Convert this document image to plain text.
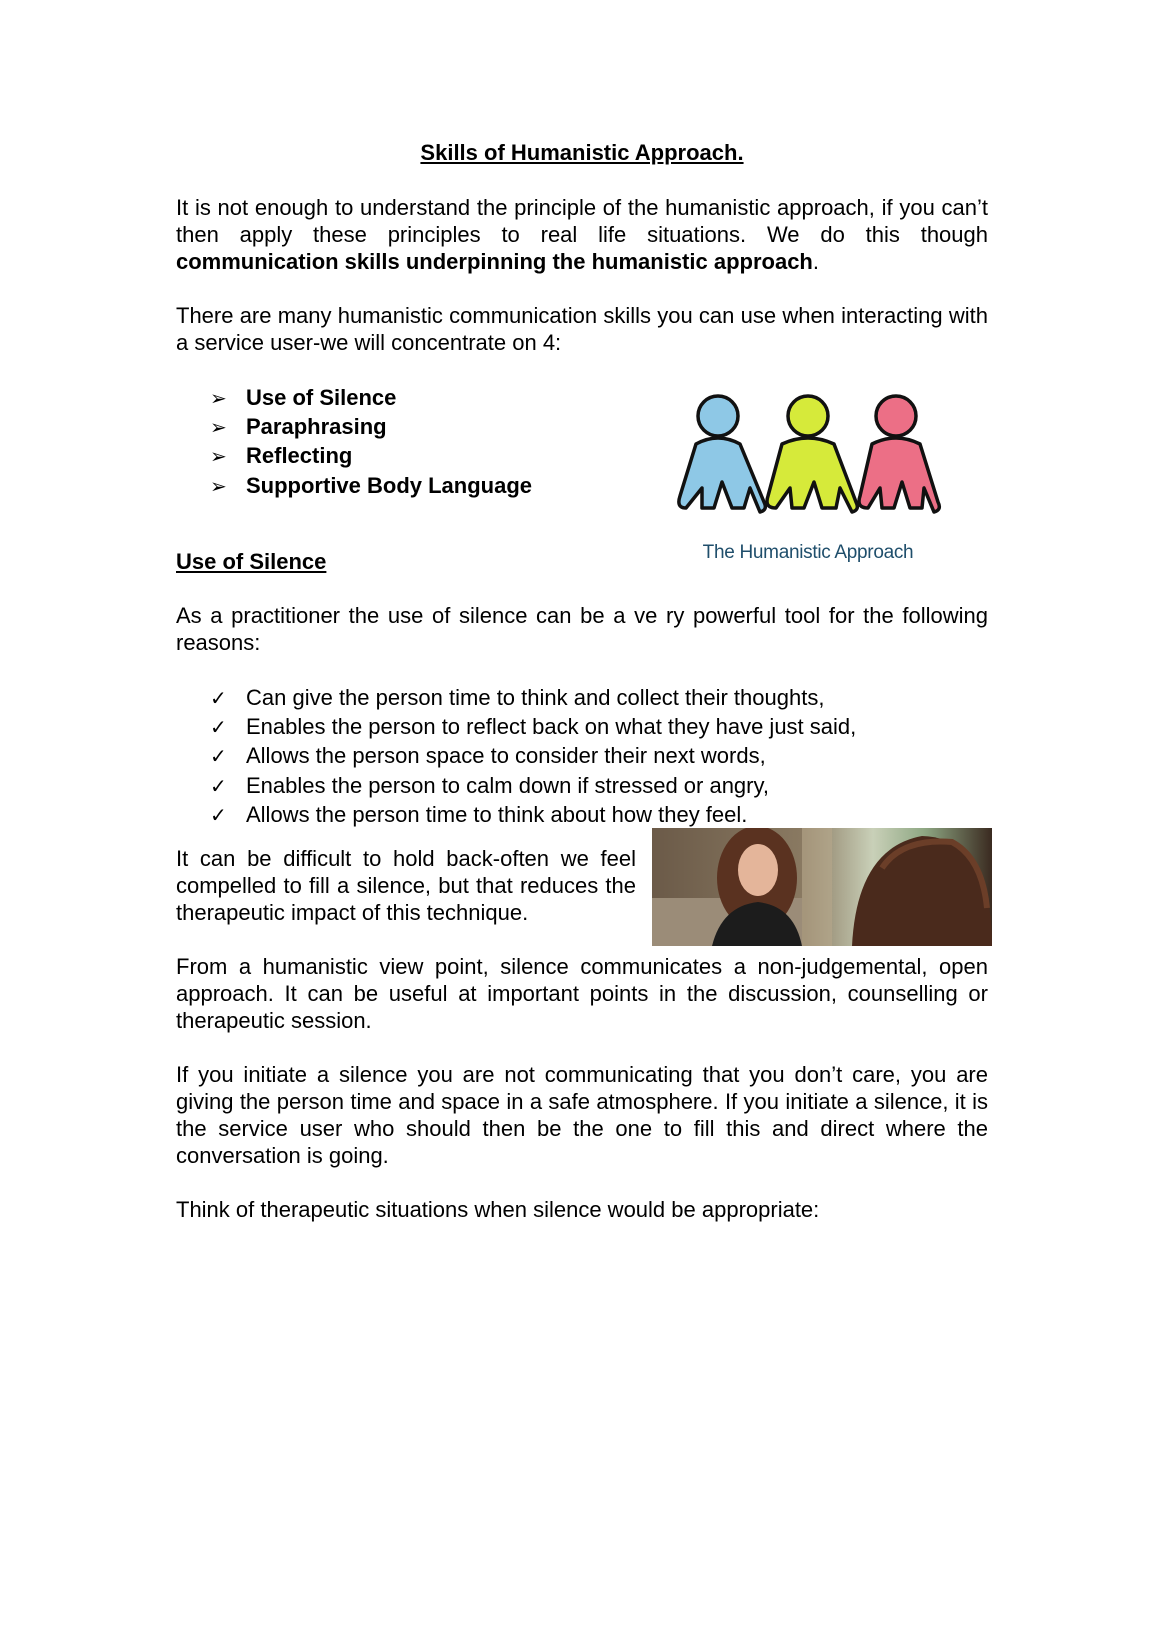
Skills of Humanistic Approach.

It is not enough to understand the principle of the humanistic approach, if you can’t then apply these principles to real life situations. We do this though communication skills underpinning the humanistic approach.

There are many humanistic communication skills you can use when interacting with a service user-we will concentrate on 4:

➢ Use of Silence
➢ Paraphrasing
➢ Reflecting
➢ Supportive Body Language
The Humanistic Approach
Use of Silence

As a practitioner the use of silence can be a ve ry powerful tool for the following reasons:

✓ Can give the person time to think and collect their thoughts,
✓ Enables the person to reflect back on what they have just said,
✓ Allows the person space to consider their next words,
✓ Enables the person to calm down if stressed or angry,
✓ Allows the person time to think about how they feel.

It can be difficult to hold back-often we feel compelled to fill a silence, but that reduces the therapeutic impact of this technique.

From a humanistic view point, silence communicates a non-judgemental, open approach. It can be useful at important points in the discussion, counselling or therapeutic session.

If you initiate a silence you are not communicating that you don’t care, you are giving the person time and space in a safe atmosphere. If you initiate a silence, it is the service user who should then be the one to fill this and direct where the conversation is going.

Think of therapeutic situations when silence would be appropriate:
